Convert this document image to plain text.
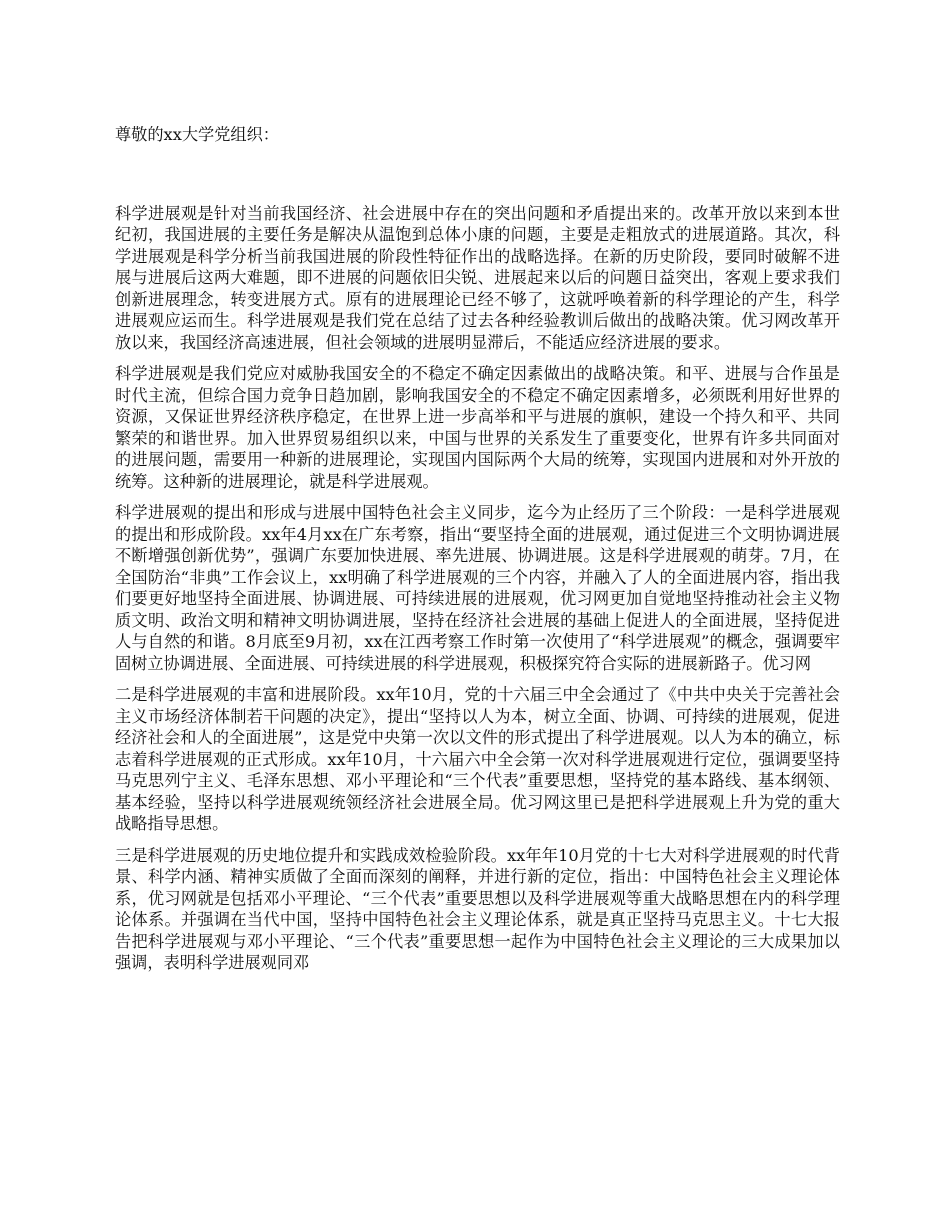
尊敬的xx大学党组织：

科学进展观是针对当前我国经济、社会进展中存在的突出问题和矛盾提出来的。改革开放以来到本世纪初，我国进展的主要任务是解决从温饱到总体小康的问题，主要是走粗放式的进展道路。其次，科学进展观是科学分析当前我国进展的阶段性特征作出的战略选择。在新的历史阶段，要同时破解不进展与进展后这两大难题，即不进展的问题依旧尖锐、进展起来以后的问题日益突出，客观上要求我们创新进展理念，转变进展方式。原有的进展理论已经不够了，这就呼唤着新的科学理论的产生，科学进展观应运而生。科学进展观是我们党在总结了过去各种经验教训后做出的战略决策。优习网改革开放以来，我国经济高速进展，但社会领域的进展明显滞后，不能适应经济进展的要求。

科学进展观是我们党应对威胁我国安全的不稳定不确定因素做出的战略决策。和平、进展与合作虽是时代主流，但综合国力竞争日趋加剧，影响我国安全的不稳定不确定因素增多，必须既利用好世界的资源，又保证世界经济秩序稳定，在世界上进一步高举和平与进展的旗帜，建设一个持久和平、共同繁荣的和谐世界。加入世界贸易组织以来，中国与世界的关系发生了重要变化，世界有许多共同面对的进展问题，需要用一种新的进展理论，实现国内国际两个大局的统筹，实现国内进展和对外开放的统筹。这种新的进展理论，就是科学进展观。

科学进展观的提出和形成与进展中国特色社会主义同步，迄今为止经历了三个阶段：一是科学进展观的提出和形成阶段。xx年4月xx在广东考察，指出“要坚持全面的进展观，通过促进三个文明协调进展不断增强创新优势”，强调广东要加快进展、率先进展、协调进展。这是科学进展观的萌芽。7月，在全国防治“非典”工作会议上，xx明确了科学进展观的三个内容，并融入了人的全面进展内容，指出我们要更好地坚持全面进展、协调进展、可持续进展的进展观，优习网更加自觉地坚持推动社会主义物质文明、政治文明和精神文明协调进展，坚持在经济社会进展的基础上促进人的全面进展，坚持促进人与自然的和谐。8月底至9月初，xx在江西考察工作时第一次使用了“科学进展观”的概念，强调要牢固树立协调进展、全面进展、可持续进展的科学进展观，积极探究符合实际的进展新路子。优习网

二是科学进展观的丰富和进展阶段。xx年10月，党的十六届三中全会通过了《中共中央关于完善社会主义市场经济体制若干问题的决定》，提出“坚持以人为本，树立全面、协调、可持续的进展观，促进经济社会和人的全面进展”，这是党中央第一次以文件的形式提出了科学进展观。以人为本的确立，标志着科学进展观的正式形成。xx年10月，十六届六中全会第一次对科学进展观进行定位，强调要坚持马克思列宁主义、毛泽东思想、邓小平理论和“三个代表”重要思想，坚持党的基本路线、基本纲领、基本经验，坚持以科学进展观统领经济社会进展全局。优习网这里已是把科学进展观上升为党的重大战略指导思想。

三是科学进展观的历史地位提升和实践成效检验阶段。xx年年10月党的十七大对科学进展观的时代背景、科学内涵、精神实质做了全面而深刻的阐释，并进行新的定位，指出：中国特色社会主义理论体系，优习网就是包括邓小平理论、“三个代表”重要思想以及科学进展观等重大战略思想在内的科学理论体系。并强调在当代中国，坚持中国特色社会主义理论体系，就是真正坚持马克思主义。十七大报告把科学进展观与邓小平理论、“三个代表”重要思想一起作为中国特色社会主义理论的三大成果加以强调，表明科学进展观同邓
